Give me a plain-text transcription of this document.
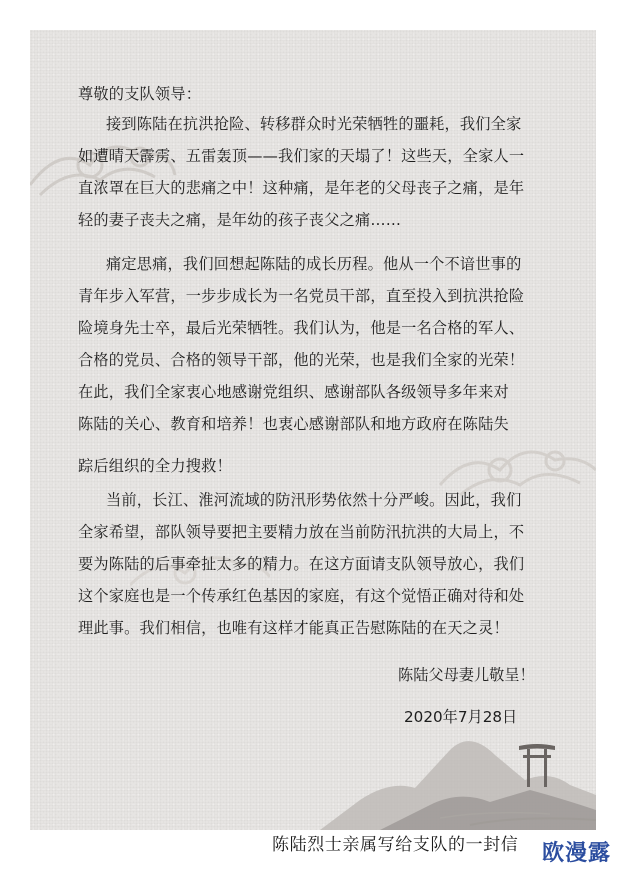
尊敬的支队领导：
接到陈陆在抗洪抢险、转移群众时光荣牺牲的噩耗，我们全家
如遭晴天霹雳、五雷轰顶——我们家的天塌了！这些天，全家人一
直浓罩在巨大的悲痛之中！这种痛，是年老的父母丧子之痛，是年
轻的妻子丧夫之痛，是年幼的孩子丧父之痛……
痛定思痛，我们回想起陈陆的成长历程。他从一个不谙世事的
青年步入军营，一步步成长为一名党员干部，直至投入到抗洪抢险
险境身先士卒，最后光荣牺牲。我们认为，他是一名合格的军人、
合格的党员、合格的领导干部，他的光荣，也是我们全家的光荣！
在此，我们全家衷心地感谢党组织、感谢部队各级领导多年来对
陈陆的关心、教育和培养！也衷心感谢部队和地方政府在陈陆失
踪后组织的全力搜救！
当前，长江、淮河流域的防汛形势依然十分严峻。因此，我们
全家希望，部队领导要把主要精力放在当前防汛抗洪的大局上，不
要为陈陆的后事牵扯太多的精力。在这方面请支队领导放心，我们
这个家庭也是一个传承红色基因的家庭，有这个觉悟正确对待和处
理此事。我们相信，也唯有这样才能真正告慰陈陆的在天之灵！
陈陆父母妻儿敬呈！
2020年7月28日
陈陆烈士亲属写给支队的一封信 欧漫露
